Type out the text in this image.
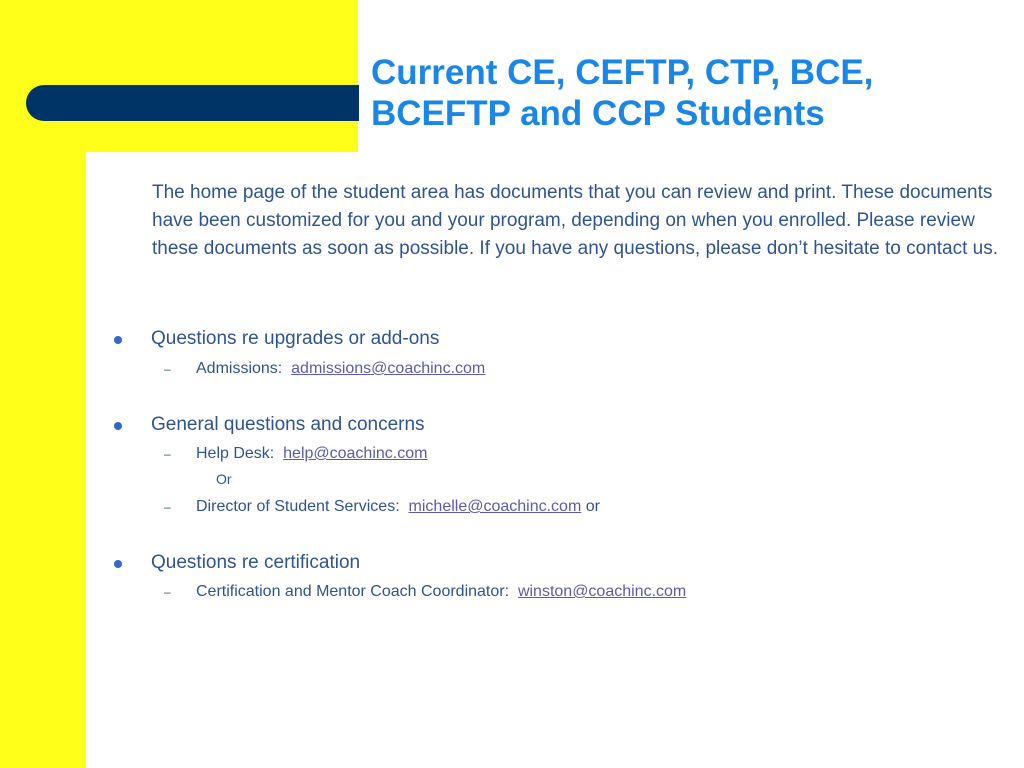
Current CE, CEFTP, CTP, BCE,
BCEFTP and CCP Students

The home page of the student area has documents that you can review and print. These documents have been customized for you and your program, depending on when you enrolled. Please review these documents as soon as possible. If you have any questions, please don’t hesitate to contact us.

Questions re upgrades or add-ons
– Admissions: admissions@coachinc.com
General questions and concerns
– Help Desk: help@coachinc.com
Or
– Director of Student Services: michelle@coachinc.com or
Questions re certification
– Certification and Mentor Coach Coordinator: winston@coachinc.com
